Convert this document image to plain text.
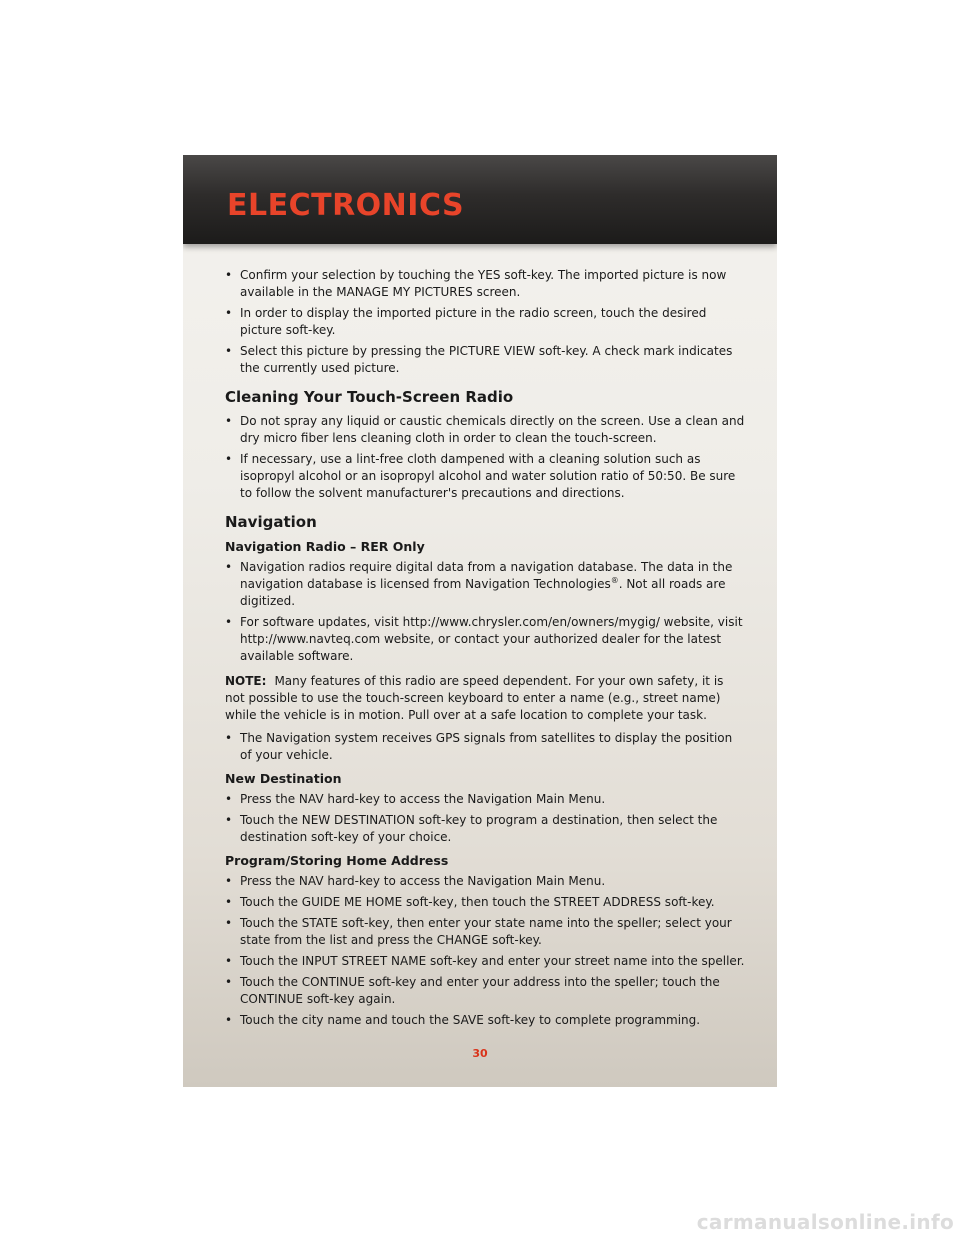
ELECTRONICS
• Confirm your selection by touching the YES soft-key. The imported picture is now available in the MANAGE MY PICTURES screen.
• In order to display the imported picture in the radio screen, touch the desired picture soft-key.
• Select this picture by pressing the PICTURE VIEW soft-key. A check mark indicates the currently used picture.
Cleaning Your Touch-Screen Radio
• Do not spray any liquid or caustic chemicals directly on the screen. Use a clean and dry micro fiber lens cleaning cloth in order to clean the touch-screen.
• If necessary, use a lint-free cloth dampened with a cleaning solution such as isopropyl alcohol or an isopropyl alcohol and water solution ratio of 50:50. Be sure to follow the solvent manufacturer's precautions and directions.
Navigation
Navigation Radio – RER Only
• Navigation radios require digital data from a navigation database. The data in the navigation database is licensed from Navigation Technologies®. Not all roads are digitized.
• For software updates, visit http://www.chrysler.com/en/owners/mygig/ website, visit http://www.navteq.com website, or contact your authorized dealer for the latest available software.

NOTE: Many features of this radio are speed dependent. For your own safety, it is not possible to use the touch-screen keyboard to enter a name (e.g., street name) while the vehicle is in motion. Pull over at a safe location to complete your task.

• The Navigation system receives GPS signals from satellites to display the position of your vehicle.
New Destination
• Press the NAV hard-key to access the Navigation Main Menu.
• Touch the NEW DESTINATION soft-key to program a destination, then select the destination soft-key of your choice.
Program/Storing Home Address
• Press the NAV hard-key to access the Navigation Main Menu.
• Touch the GUIDE ME HOME soft-key, then touch the STREET ADDRESS soft-key.
• Touch the STATE soft-key, then enter your state name into the speller; select your state from the list and press the CHANGE soft-key.
• Touch the INPUT STREET NAME soft-key and enter your street name into the speller.
• Touch the CONTINUE soft-key and enter your address into the speller; touch the CONTINUE soft-key again.
• Touch the city name and touch the SAVE soft-key to complete programming.
30
carmanualsonline.info
